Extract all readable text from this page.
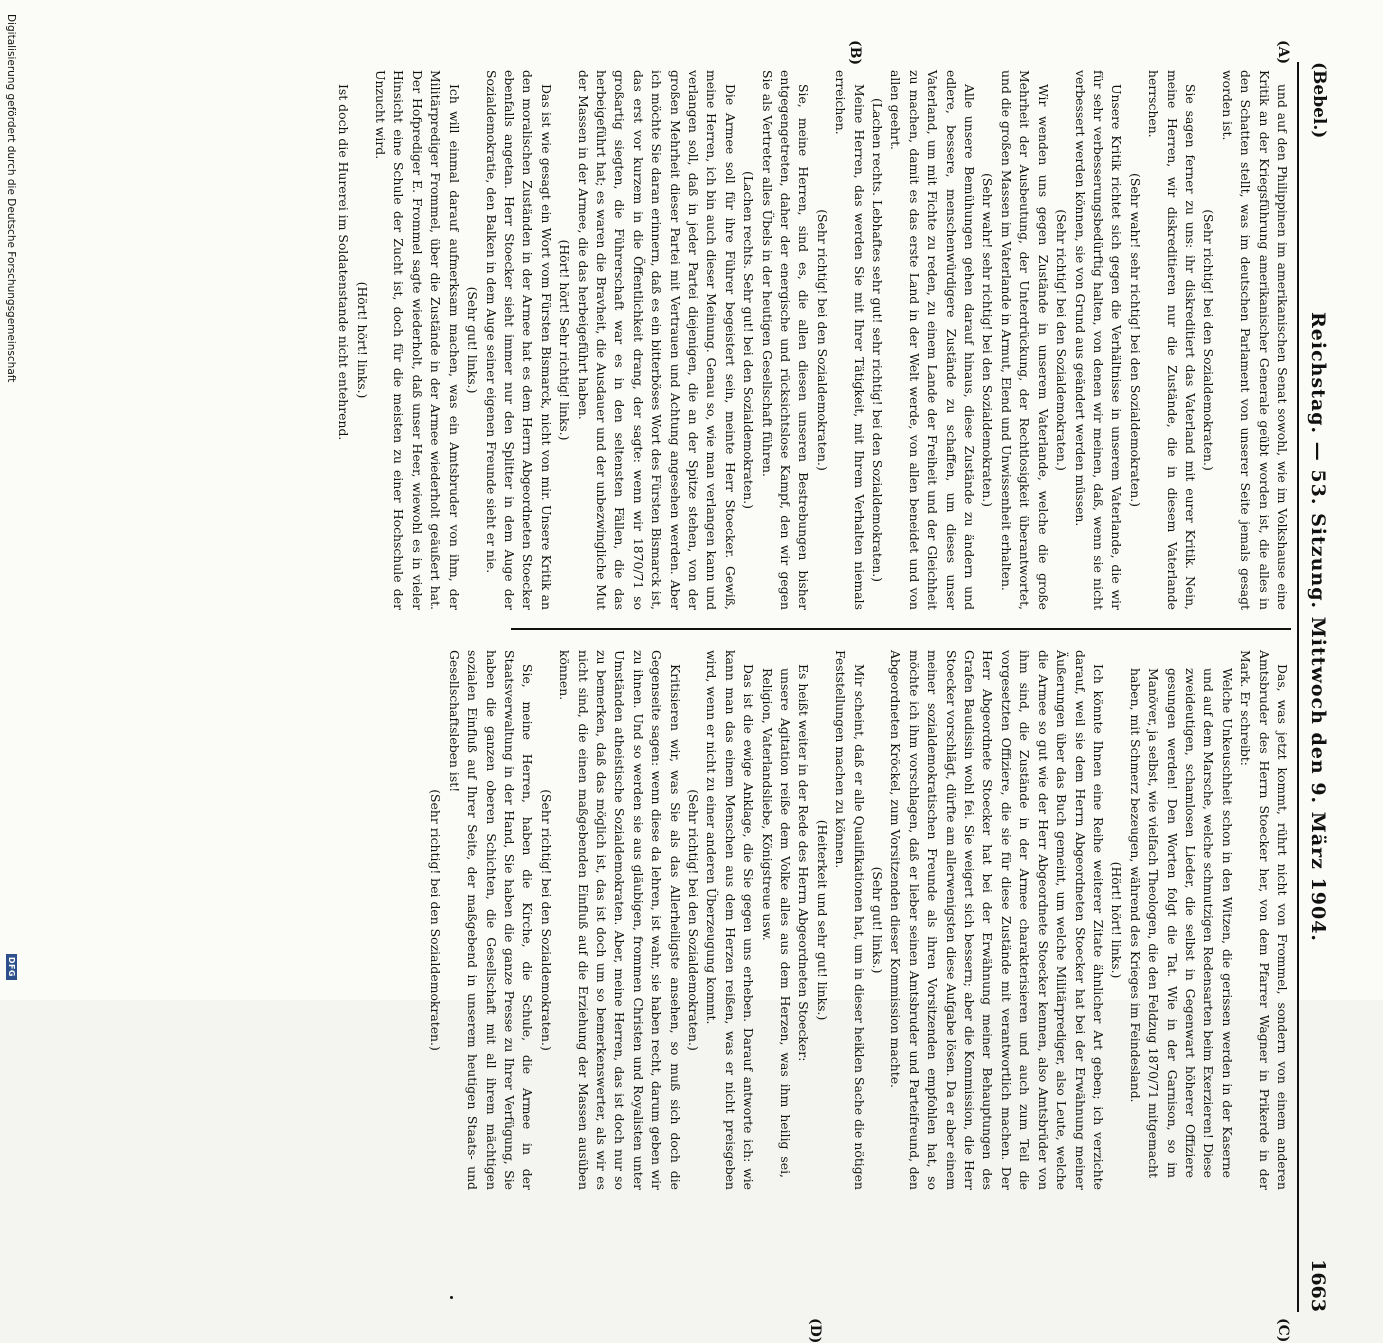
(Bebel.)
Reichstag. — 53. Sitzung. Mittwoch den 9. März 1904.
1663
(A)
(B)
(C)
(D)

und auf den Philippinen im amerikanischen Senat sowohl, wie im Volkshause eine Kritik an der Kriegsführung amerikanischer Generale geübt worden ist, die alles in den Schatten stellt, was im deutschen Parlament von unserer Seite jemals gesagt worden ist.

(Sehr richtig! bei den Sozialdemokraten.)

Sie sagen ferner zu uns: ihr diskreditiert das Vaterland mit eurer Kritik. Nein, meine Herren, wir diskreditieren nur die Zustände, die in diesem Vaterlande herrschen.

(Sehr wahr! sehr richtig! bei den Sozialdemokraten.)

Unsere Kritik richtet sich gegen die Verhältnisse in unserem Vaterlande, die wir für sehr verbesserungsbedürftig halten, von denen wir meinen, daß, wenn sie nicht verbessert werden können, sie von Grund aus geändert werden müssen.

(Sehr richtig! bei den Sozialdemokraten.)

Wir wenden uns gegen Zustände in unserem Vaterlande, welche die große Mehrheit der Ausbeutung, der Unterdrückung, der Rechtlosigkeit überantwortet, und die großen Massen im Vaterlande in Armut, Elend und Unwissenheit erhalten.

(Sehr wahr! sehr richtig! bei den Sozialdemokraten.)

Alle unsere Bemühungen gehen darauf hinaus, diese Zustände zu ändern und edlere, bessere, menschenwürdigere Zustände zu schaffen, um dieses unser Vaterland, um mit Fichte zu reden, zu einem Lande der Freiheit und der Gleichheit zu machen, damit es das erste Land in der Welt werde, von allen beneidet und von allen geehrt.

(Lachen rechts. Lebhaftes sehr gut! sehr richtig! bei den Sozialdemokraten.)

Meine Herren, das werden Sie mit Ihrer Tätigkeit, mit Ihrem Verhalten niemals erreichen.

(Sehr richtig! bei den Sozialdemokraten.)

Sie, meine Herren, sind es, die allen diesen unseren Bestrebungen bisher entgegengetreten, daher der energische und rücksichtslose Kampf, den wir gegen Sie als Vertreter alles Übels in der heutigen Gesellschaft führen.

(Lachen rechts. Sehr gut! bei den Sozialdemokraten.)

Die Armee soll für ihre Führer begeistert sein, meinte Herr Stoecker. Gewiß, meine Herren, ich bin auch dieser Meinung. Genau so, wie man verlangen kann und verlangen soll, daß in jeder Partei diejenigen, die an der Spitze stehen, von der großen Mehrheit dieser Partei mit Vertrauen und Achtung angesehen werden. Aber ich möchte Sie daran erinnern, daß es ein bitterböses Wort des Fürsten Bismarck ist, das erst vor kurzem in die Öffentlichkeit drang, der sagte: wenn wir 1870/71 so großartig siegten, die Führerschaft war es in den seltensten Fällen, die das herbeigeführt hat; es waren die Bravheit, die Ausdauer und der unbezwingliche Mut der Massen in der Armee, die das herbeigeführt haben.

(Hört! hört! Sehr richtig! links.)

Das ist wie gesagt ein Wort vom Fürsten Bismarck, nicht von mir. Unsere Kritik an den moralischen Zuständen in der Armee hat es dem Herrn Abgeordneten Stoecker ebenfalls angetan. Herr Stoecker sieht immer nur den Splitter in dem Auge der Sozialdemokratie, den Balken in dem Auge seiner eigenen Freunde sieht er nie.

(Sehr gut! links.)

Ich will einmal darauf aufmerksam machen, was ein Amtsbruder von ihm, der Militärprediger Frommel, über die Zustände in der Armee wiederholt geäußert hat. Der Hofprediger E. Frommel sagte wiederholt, daß unser Heer, wiewohl es in vieler Hinsicht eine Schule der Zucht ist, doch für die meisten zu einer Hochschule der Unzucht wird.

(Hört! hört! links.)

Ist doch die Hurerei im Soldatenstande nicht entehrend.

Das, was jetzt kommt, rührt nicht von Frommel, sondern von einem anderen Amtsbruder des Herrn Stoecker her, von dem Pfarrer Wagner in Prikerde in der Mark. Er schreibt:

Welche Unkeuschheit schon in den Witzen, die gerissen werden in der Kaserne und auf dem Marsche, welche schmutzigen Redensarten beim Exerzieren! Diese zweideutigen, schamlosen Lieder, die selbst in Gegenwart höherer Offiziere gesungen werden! Den Worten folgt die Tat. Wie in der Garnison, so im Manöver, ja selbst, wie vielfach Theologen, die den Feldzug 1870/71 mitgemacht haben, mit Schmerz bezeugen, während des Krieges im Feindesland.

(Hört! hört! links.)

Ich könnte Ihnen eine Reihe weiterer Zitate ähnlicher Art geben; ich verzichte darauf, weil sie dem Herrn Abgeordneten Stoecker hat bei der Erwähnung meiner Äußerungen über das Buch gemeint, um welche Militärprediger, also Leute, welche die Armee so gut wie der Herr Abgeordnete Stoecker kennen, also Amtsbrüder von ihm sind, die Zustände in der Armee charakterisieren und auch zum Teil die vorgesetzten Offiziere, die sie für diese Zustände mit verantwortlich machen. Der Herr Abgeordnete Stoecker hat bei der Erwähnung meiner Behauptungen des Grafen Baudissin wohl fei. Sie weigert sich bessern; aber die Kommission, die Herr Stoecker vorschlägt, dürfte am allerwenigsten diese Aufgabe lösen. Da er aber einem meiner sozialdemokratischen Freunde als ihren Vorsitzenden empfohlen hat, so möchte ich ihm vorschlagen, daß er lieber seinen Amtsbruder und Parteifreund, den Abgeordneten Kröckel, zum Vorsitzenden dieser Kommission machte.

(Sehr gut! links.)

Mir scheint, daß er alle Qualifikationen hat, um in dieser heiklen Sache die nötigen Feststellungen machen zu können.

(Heiterkeit und sehr gut! links.)

Es heißt weiter in der Rede des Herrn Abgeordneten Stoecker:

unsere Agitation reiße dem Volke alles aus dem Herzen, was ihm heilig sei, Religion, Vaterlandsliebe, Königstreue usw.

Das ist die ewige Anklage, die Sie gegen uns erheben. Darauf antworte ich: wie kann man das einem Menschen aus dem Herzen reißen, was er nicht preisgeben wird, wenn er nicht zu einer anderen Überzeugung kommt.

(Sehr richtig! bei den Sozialdemokraten.)

Kritisieren wir, was Sie als das Allerheiligste ansehen, so muß sich doch die Gegenseite sagen: wenn diese da lehren, ist wahr, sie haben recht, darum geben wir zu ihnen. Und so werden sie aus gläubigen, frommen Christen und Royalisten unter Umständen atheistische Sozialdemokraten. Aber, meine Herren, das ist doch nur so zu bemerken, daß das möglich ist, das ist doch um so bemerkenswerter, als wir es nicht sind, die einen maßgebenden Einfluß auf die Erziehung der Massen ausüben können.

(Sehr richtig! bei den Sozialdemokraten.)

Sie, meine Herren, haben die Kirche, die Schule, die Armee in der Staatsverwaltung in der Hand, Sie haben die ganze Presse zu Ihrer Verfügung, Sie haben die ganzen oberen Schichten, die Gesellschaft mit all ihrem mächtigen sozialen Einfluß auf Ihrer Seite, der maßgebend in unserem heutigen Staats- und Gesellschaftsleben ist!

(Sehr richtig! bei den Sozialdemokraten.)

Digitalisierung gefördert durch die Deutsche Forschungsgemeinschaft
DFG
